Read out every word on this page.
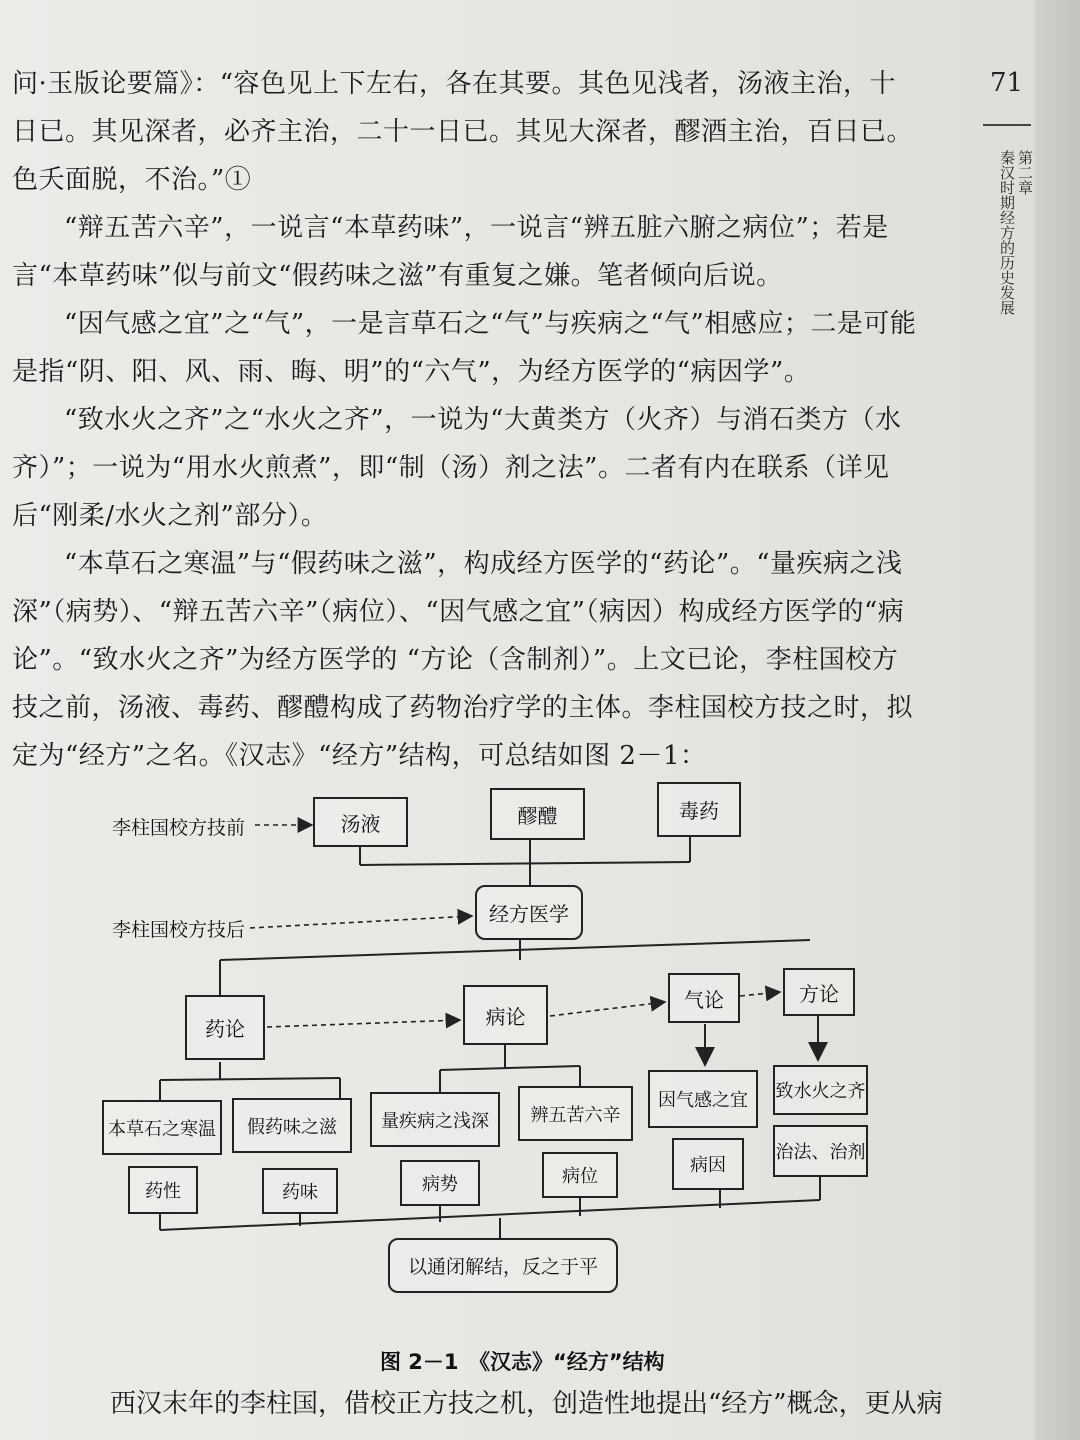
71
第二章
秦汉时期经方的历史发展

问·玉版论要篇》：“容色见上下左右，各在其要。其色见浅者，汤液主治，十日已。其见深者，必齐主治，二十一日已。其见大深者，醪酒主治，百日已。色夭面脱，不治。”①

“辩五苦六辛”，一说言“本草药味”，一说言“辨五脏六腑之病位”；若是言“本草药味”似与前文“假药味之滋”有重复之嫌。笔者倾向后说。

“因气感之宜”之“气”，一是言草石之“气”与疾病之“气”相感应；二是可能是指“阴、阳、风、雨、晦、明”的“六气”，为经方医学的“病因学”。

“致水火之齐”之“水火之齐”，一说为“大黄类方（火齐）与消石类方（水齐）”；一说为“用水火煎煮”，即“制（汤）剂之法”。二者有内在联系（详见后“刚柔/水火之剂”部分）。

“本草石之寒温”与“假药味之滋”，构成经方医学的“药论”。“量疾病之浅深”（病势）、“辩五苦六辛”（病位）、“因气感之宜”（病因）构成经方医学的“病论”。“致水火之齐”为经方医学的 “方论（含制剂）”。上文已论，李柱国校方技之前，汤液、毒药、醪醴构成了药物治疗学的主体。李柱国校方技之时，拟定为“经方”之名。《汉志》“经方”结构，可总结如图 2－1：

李柱国校方技前
李柱国校方技后
汤液	醪醴	毒药
经方医学
药论
病论
气论	方论
本草石之寒温	假药味之滋	量疾病之浅深	辨五苦六辛
因气感之宜	致水火之齐
药性	药味	病势	病位
病因
治法、治剂
以通闭解结，反之于平
图 2－1　《汉志》“经方”结构
西汉末年的李柱国，借校正方技之机，创造性地提出“经方”概念，更从病
